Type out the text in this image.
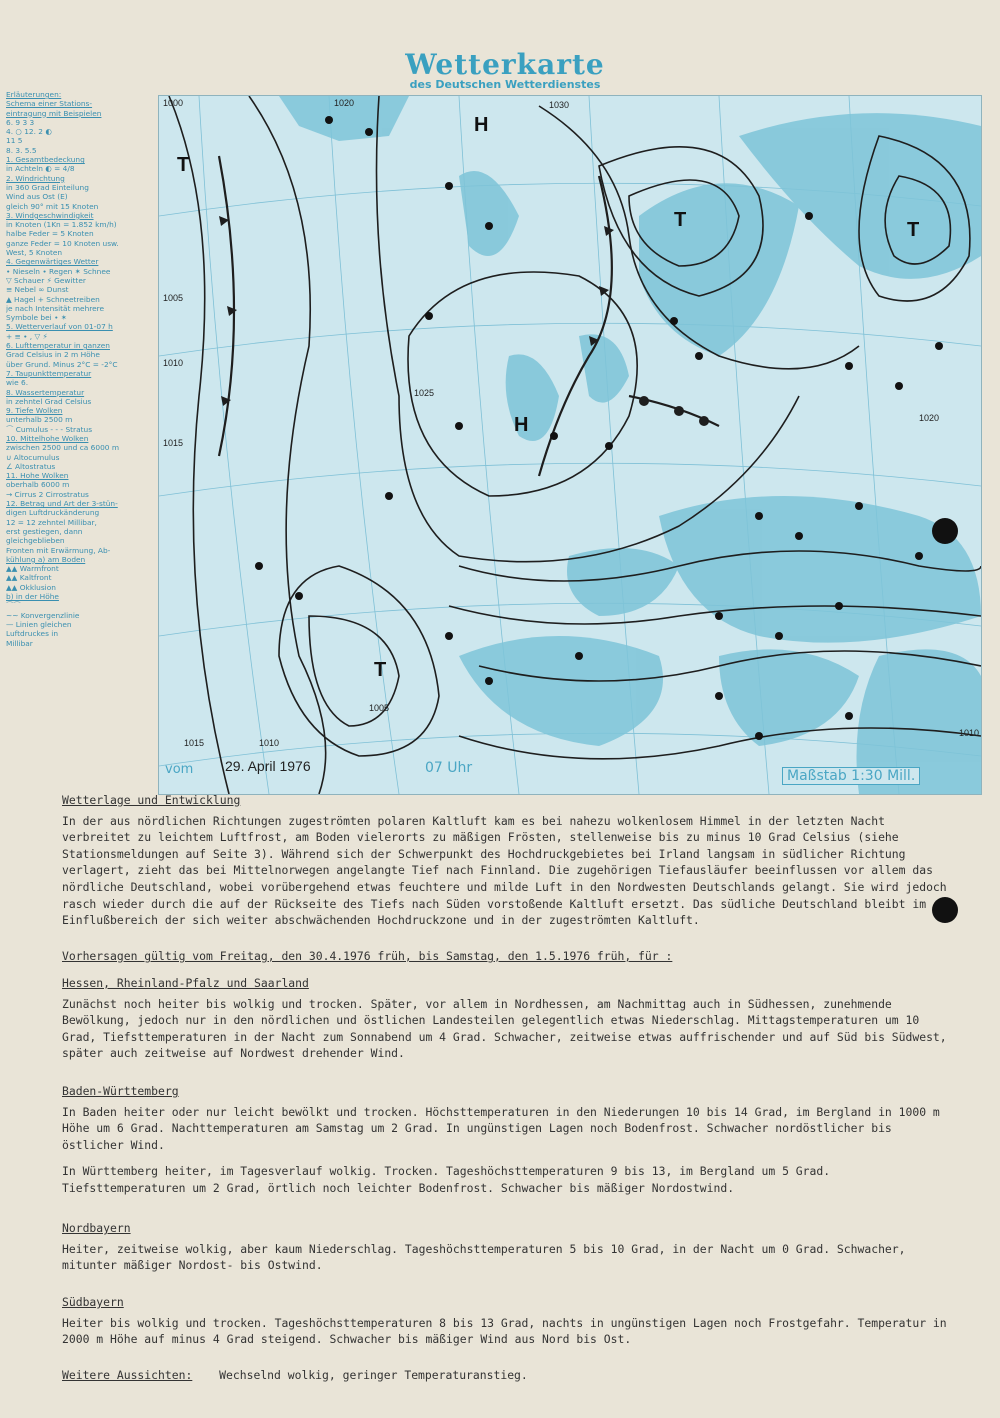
Wetterkarte
des Deutschen Wetterdienstes
Erläuterungen:
Schema einer Stations-
eintragung mit Beispielen
6. 9 3 3
4. ○ 12. 2 ◐
11 5
8. 3. 5.5
1. Gesamtbedeckung
in Achteln ◐ = 4/8
2. Windrichtung
in 360 Grad Einteilung
Wind aus Ost (E)
gleich 90° mit 15 Knoten
3. Windgeschwindigkeit
in Knoten (1Kn = 1.852 km/h)
halbe Feder = 5 Knoten
ganze Feder = 10 Knoten usw.
West, 5 Knoten
4. Gegenwärtiges Wetter
• Nieseln • Regen ✶ Schnee
▽ Schauer ⚡ Gewitter
≡ Nebel ∞ Dunst
▲ Hagel + Schneetreiben
je nach Intensität mehrere
Symbole bei • ✶
5. Wetterverlauf von 01-07 h
+ ≡ • , ▽ ⚡
6. Lufttemperatur in ganzen
Grad Celsius in 2 m Höhe
über Grund. Minus 2°C = -2°C
7. Taupunkttemperatur
wie 6.
8. Wassertemperatur
in zehntel Grad Celsius
9. Tiefe Wolken
unterhalb 2500 m
⌒ Cumulus - - - Stratus
10. Mittelhohe Wolken
zwischen 2500 und ca 6000 m
∪ Altocumulus
∠ Altostratus
11. Hohe Wolken
oberhalb 6000 m
→ Cirrus 2 Cirrostratus
12. Betrag und Art der 3-stün-
digen Luftdruckänderung
12 = 12 zehntel Millibar,
erst gestiegen, dann
gleichgeblieben
Fronten mit Erwärmung, Ab-
kühlung a) am Boden
▲▲ Warmfront
▲▲ Kaltfront
▲▲ Okklusion
b) in der Höhe
⌒⌒
~~ Konvergenzlinie
— Linien gleichen
Luftdruckes in
Millibar
T
H
T	T
H
T
1000
1005
1010
1015
1020
1025
1030
1010
1005
1015
1020
1010
vom 29. April 1976	07 Uhr	Maßstab 1:30 Mill.
Wetterlage und Entwicklung

In der aus nördlichen Richtungen zugeströmten polaren Kaltluft kam es bei nahezu wolkenlosem Himmel in der letzten Nacht verbreitet zu leichtem Luftfrost, am Boden vielerorts zu mäßigen Frösten, stellenweise bis zu minus 10 Grad Celsius (siehe Stationsmeldungen auf Seite 3). Während sich der Schwerpunkt des Hochdruckgebietes bei Irland langsam in südlicher Richtung verlagert, zieht das bei Mittelnorwegen angelangte Tief nach Finnland. Die zugehörigen Tiefausläufer beeinflussen vor allem das nördliche Deutschland, wobei vorübergehend etwas feuchtere und milde Luft in den Nordwesten Deutschlands gelangt. Sie wird jedoch rasch wieder durch die auf der Rückseite des Tiefs nach Süden vorstoßende Kaltluft ersetzt. Das südliche Deutschland bleibt im Einflußbereich der sich weiter abschwächenden Hochdruckzone und in der zugeströmten Kaltluft.

Vorhersagen gültig vom Freitag, den 30.4.1976 früh, bis Samstag, den 1.5.1976 früh, für :
Hessen, Rheinland-Pfalz und Saarland

Zunächst noch heiter bis wolkig und trocken. Später, vor allem in Nordhessen, am Nachmittag auch in Südhessen, zunehmende Bewölkung, jedoch nur in den nördlichen und östlichen Landesteilen gelegentlich etwas Niederschlag. Mittagstemperaturen um 10 Grad, Tiefsttemperaturen in der Nacht zum Sonnabend um 4 Grad. Schwacher, zeitweise etwas auffrischender und auf Süd bis Südwest, später auch zeitweise auf Nordwest drehender Wind.

Baden-Württemberg

In Baden heiter oder nur leicht bewölkt und trocken. Höchsttemperaturen in den Niederungen 10 bis 14 Grad, im Bergland in 1000 m Höhe um 6 Grad. Nachttemperaturen am Samstag um 2 Grad. In ungünstigen Lagen noch Bodenfrost. Schwacher nordöstlicher bis östlicher Wind.

In Württemberg heiter, im Tagesverlauf wolkig. Trocken. Tageshöchsttemperaturen 9 bis 13, im Bergland um 5 Grad. Tiefsttemperaturen um 2 Grad, örtlich noch leichter Bodenfrost. Schwacher bis mäßiger Nordostwind.

Nordbayern

Heiter, zeitweise wolkig, aber kaum Niederschlag. Tageshöchsttemperaturen 5 bis 10 Grad, in der Nacht um 0 Grad. Schwacher, mitunter mäßiger Nordost- bis Ostwind.

Südbayern

Heiter bis wolkig und trocken. Tageshöchsttemperaturen 8 bis 13 Grad, nachts in ungünstigen Lagen noch Frostgefahr. Temperatur in 2000 m Höhe auf minus 4 Grad steigend. Schwacher bis mäßiger Wind aus Nord bis Ost.

Weitere Aussichten: Wechselnd wolkig, geringer Temperaturanstieg.
